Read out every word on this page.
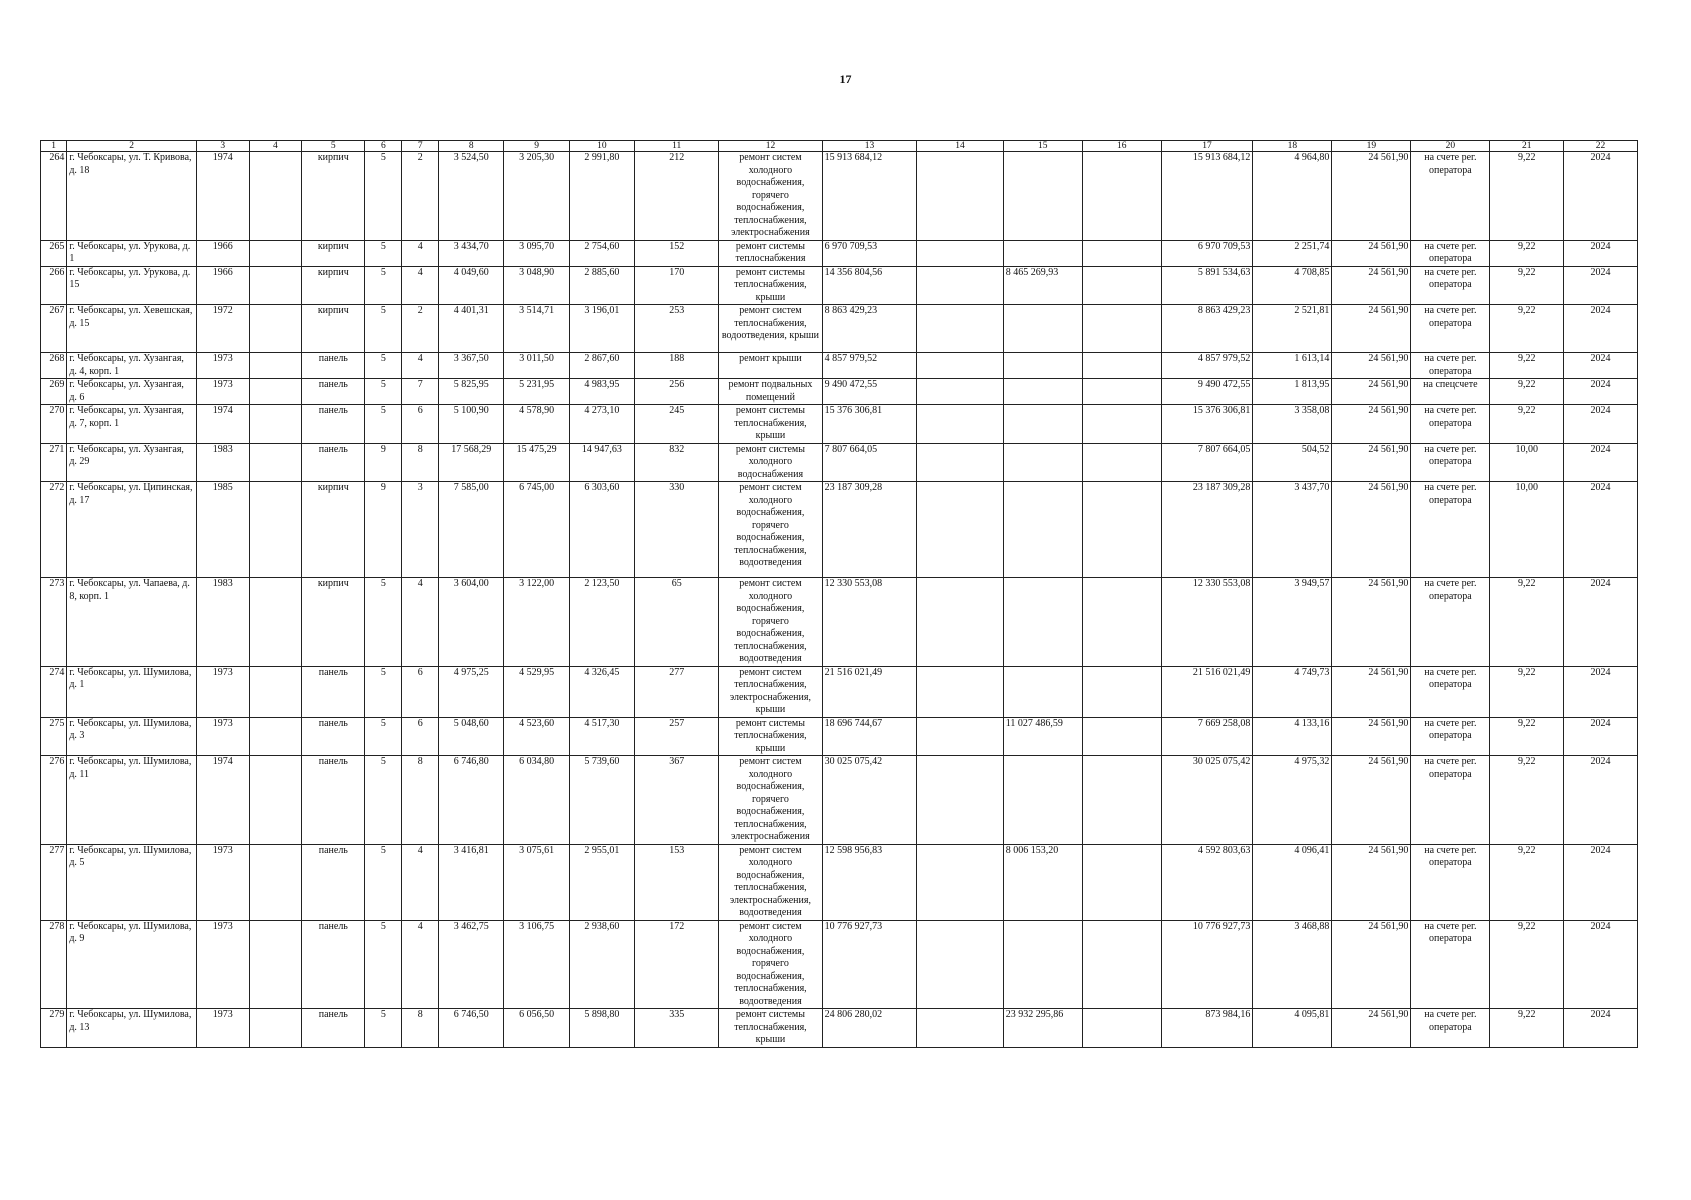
17
1	2	3	4	5	6	7	8	9	10	11	12	13	14	15	16	17	18	19	20	21	22
264	г. Чебоксары, ул. Т. Кривова, д. 18	1974		кирпич	5	2	3 524,50	3 205,30	2 991,80	212	ремонт систем холодного водоснабжения, горячего водоснабжения, теплоснабжения, электроснабжения	15 913 684,12				15 913 684,12	4 964,80	24 561,90	на счете рег. оператора	9,22	2024
265	г. Чебоксары, ул. Урукова, д. 1	1966		кирпич	5	4	3 434,70	3 095,70	2 754,60	152	ремонт системы теплоснабжения	6 970 709,53				6 970 709,53	2 251,74	24 561,90	на счете рег. оператора	9,22	2024
266	г. Чебоксары, ул. Урукова, д. 15	1966		кирпич	5	4	4 049,60	3 048,90	2 885,60	170	ремонт системы теплоснабжения, крыши	14 356 804,56		8 465 269,93		5 891 534,63	4 708,85	24 561,90	на счете рег. оператора	9,22	2024
267	г. Чебоксары, ул. Хевешская, д. 15	1972		кирпич	5	2	4 401,31	3 514,71	3 196,01	253	ремонт систем теплоснабжения, водоотведения, крыши	8 863 429,23				8 863 429,23	2 521,81	24 561,90	на счете рег. оператора	9,22	2024
268	г. Чебоксары, ул. Хузангая, д. 4, корп. 1	1973		панель	5	4	3 367,50	3 011,50	2 867,60	188	ремонт крыши	4 857 979,52				4 857 979,52	1 613,14	24 561,90	на счете рег. оператора	9,22	2024
269	г. Чебоксары, ул. Хузангая, д. 6	1973		панель	5	7	5 825,95	5 231,95	4 983,95	256	ремонт подвальных помещений	9 490 472,55				9 490 472,55	1 813,95	24 561,90	на спецсчете	9,22	2024
270	г. Чебоксары, ул. Хузангая, д. 7, корп. 1	1974		панель	5	6	5 100,90	4 578,90	4 273,10	245	ремонт системы теплоснабжения, крыши	15 376 306,81				15 376 306,81	3 358,08	24 561,90	на счете рег. оператора	9,22	2024
271	г. Чебоксары, ул. Хузангая, д. 29	1983		панель	9	8	17 568,29	15 475,29	14 947,63	832	ремонт системы холодного водоснабжения	7 807 664,05				7 807 664,05	504,52	24 561,90	на счете рег. оператора	10,00	2024
272	г. Чебоксары, ул. Ципинская, д. 17	1985		кирпич	9	3	7 585,00	6 745,00	6 303,60	330	ремонт систем холодного водоснабжения, горячего водоснабжения, теплоснабжения, водоотведения	23 187 309,28				23 187 309,28	3 437,70	24 561,90	на счете рег. оператора	10,00	2024
273	г. Чебоксары, ул. Чапаева, д. 8, корп. 1	1983		кирпич	5	4	3 604,00	3 122,00	2 123,50	65	ремонт систем холодного водоснабжения, горячего водоснабжения, теплоснабжения, водоотведения	12 330 553,08				12 330 553,08	3 949,57	24 561,90	на счете рег. оператора	9,22	2024
274	г. Чебоксары, ул. Шумилова, д. 1	1973		панель	5	6	4 975,25	4 529,95	4 326,45	277	ремонт систем теплоснабжения, электроснабжения, крыши	21 516 021,49				21 516 021,49	4 749,73	24 561,90	на счете рег. оператора	9,22	2024
275	г. Чебоксары, ул. Шумилова, д. 3	1973		панель	5	6	5 048,60	4 523,60	4 517,30	257	ремонт системы теплоснабжения, крыши	18 696 744,67		11 027 486,59		7 669 258,08	4 133,16	24 561,90	на счете рег. оператора	9,22	2024
276	г. Чебоксары, ул. Шумилова, д. 11	1974		панель	5	8	6 746,80	6 034,80	5 739,60	367	ремонт систем холодного водоснабжения, горячего водоснабжения, теплоснабжения, электроснабжения	30 025 075,42				30 025 075,42	4 975,32	24 561,90	на счете рег. оператора	9,22	2024
277	г. Чебоксары, ул. Шумилова, д. 5	1973		панель	5	4	3 416,81	3 075,61	2 955,01	153	ремонт систем холодного водоснабжения, теплоснабжения, электроснабжения, водоотведения	12 598 956,83		8 006 153,20		4 592 803,63	4 096,41	24 561,90	на счете рег. оператора	9,22	2024
278	г. Чебоксары, ул. Шумилова, д. 9	1973		панель	5	4	3 462,75	3 106,75	2 938,60	172	ремонт систем холодного водоснабжения, горячего водоснабжения, теплоснабжения, водоотведения	10 776 927,73				10 776 927,73	3 468,88	24 561,90	на счете рег. оператора	9,22	2024
279	г. Чебоксары, ул. Шумилова, д. 13	1973		панель	5	8	6 746,50	6 056,50	5 898,80	335	ремонт системы теплоснабжения, крыши	24 806 280,02		23 932 295,86		873 984,16	4 095,81	24 561,90	на счете рег. оператора	9,22	2024
